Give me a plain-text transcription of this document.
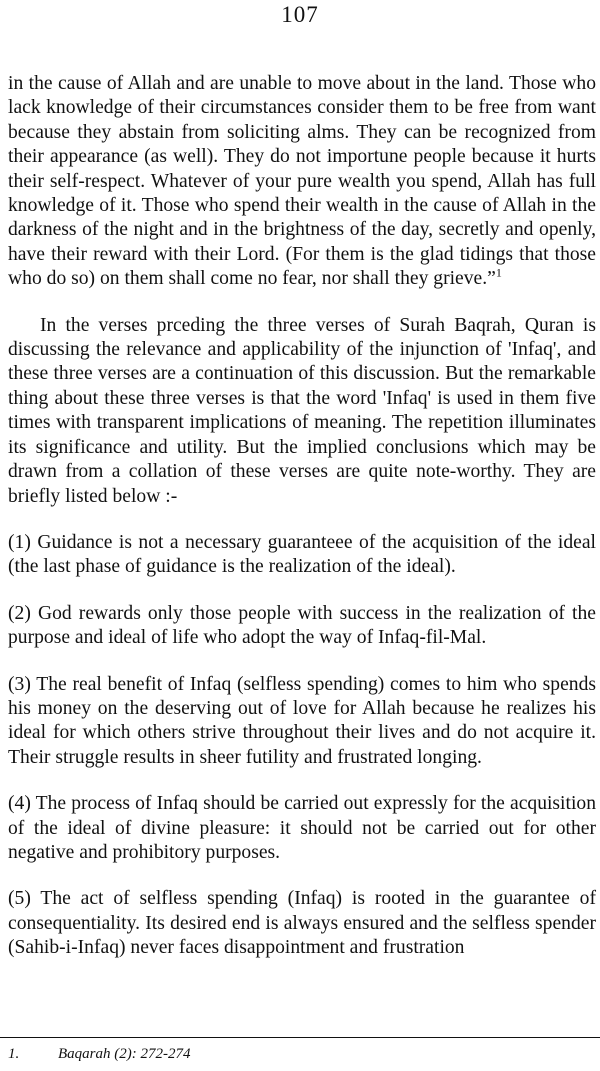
107

in the cause of Allah and are unable to move about in the land. Those who lack knowledge of their circumstances consider them to be free from want because they abstain from soliciting alms. They can be recognized from their appearance (as well). They do not importune people because it hurts their self-respect. Whatever of your pure wealth you spend, Allah has full knowledge of it. Those who spend their wealth in the cause of Allah in the darkness of the night and in the brightness of the day, secretly and openly, have their reward with their Lord. (For them is the glad tidings that those who do so) on them shall come no fear, nor shall they grieve.”$^1$

In the verses prceding the three verses of Surah Baqrah, Quran is discussing the relevance and applicability of the injunction of 'Infaq', and these three verses are a continuation of this discussion. But the remarkable thing about these three verses is that the word 'Infaq' is used in them five times with transparent implications of meaning. The repetition illuminates its significance and utility. But the implied conclusions which may be drawn from a collation of these verses are quite note-worthy. They are briefly listed below :-

(1) Guidance is not a necessary guaranteee of the acquisition of the ideal (the last phase of guidance is the realization of the ideal).

(2) God rewards only those people with success in the realization of the purpose and ideal of life who adopt the way of Infaq-fil-Mal.

(3) The real benefit of Infaq (selfless spending) comes to him who spends his money on the deserving out of love for Allah because he realizes his ideal for which others strive throughout their lives and do not acquire it. Their struggle results in sheer futility and frustrated longing.

(4) The process of Infaq should be carried out expressly for the acquisition of the ideal of divine pleasure: it should not be carried out for other negative and prohibitory purposes.

(5) The act of selfless spending (Infaq) is rooted in the guarantee of consequentiality. Its desired end is always ensured and the selfless spender (Sahib-i-Infaq) never faces disappointment and frustration

1.	Baqarah (2): 272-274
